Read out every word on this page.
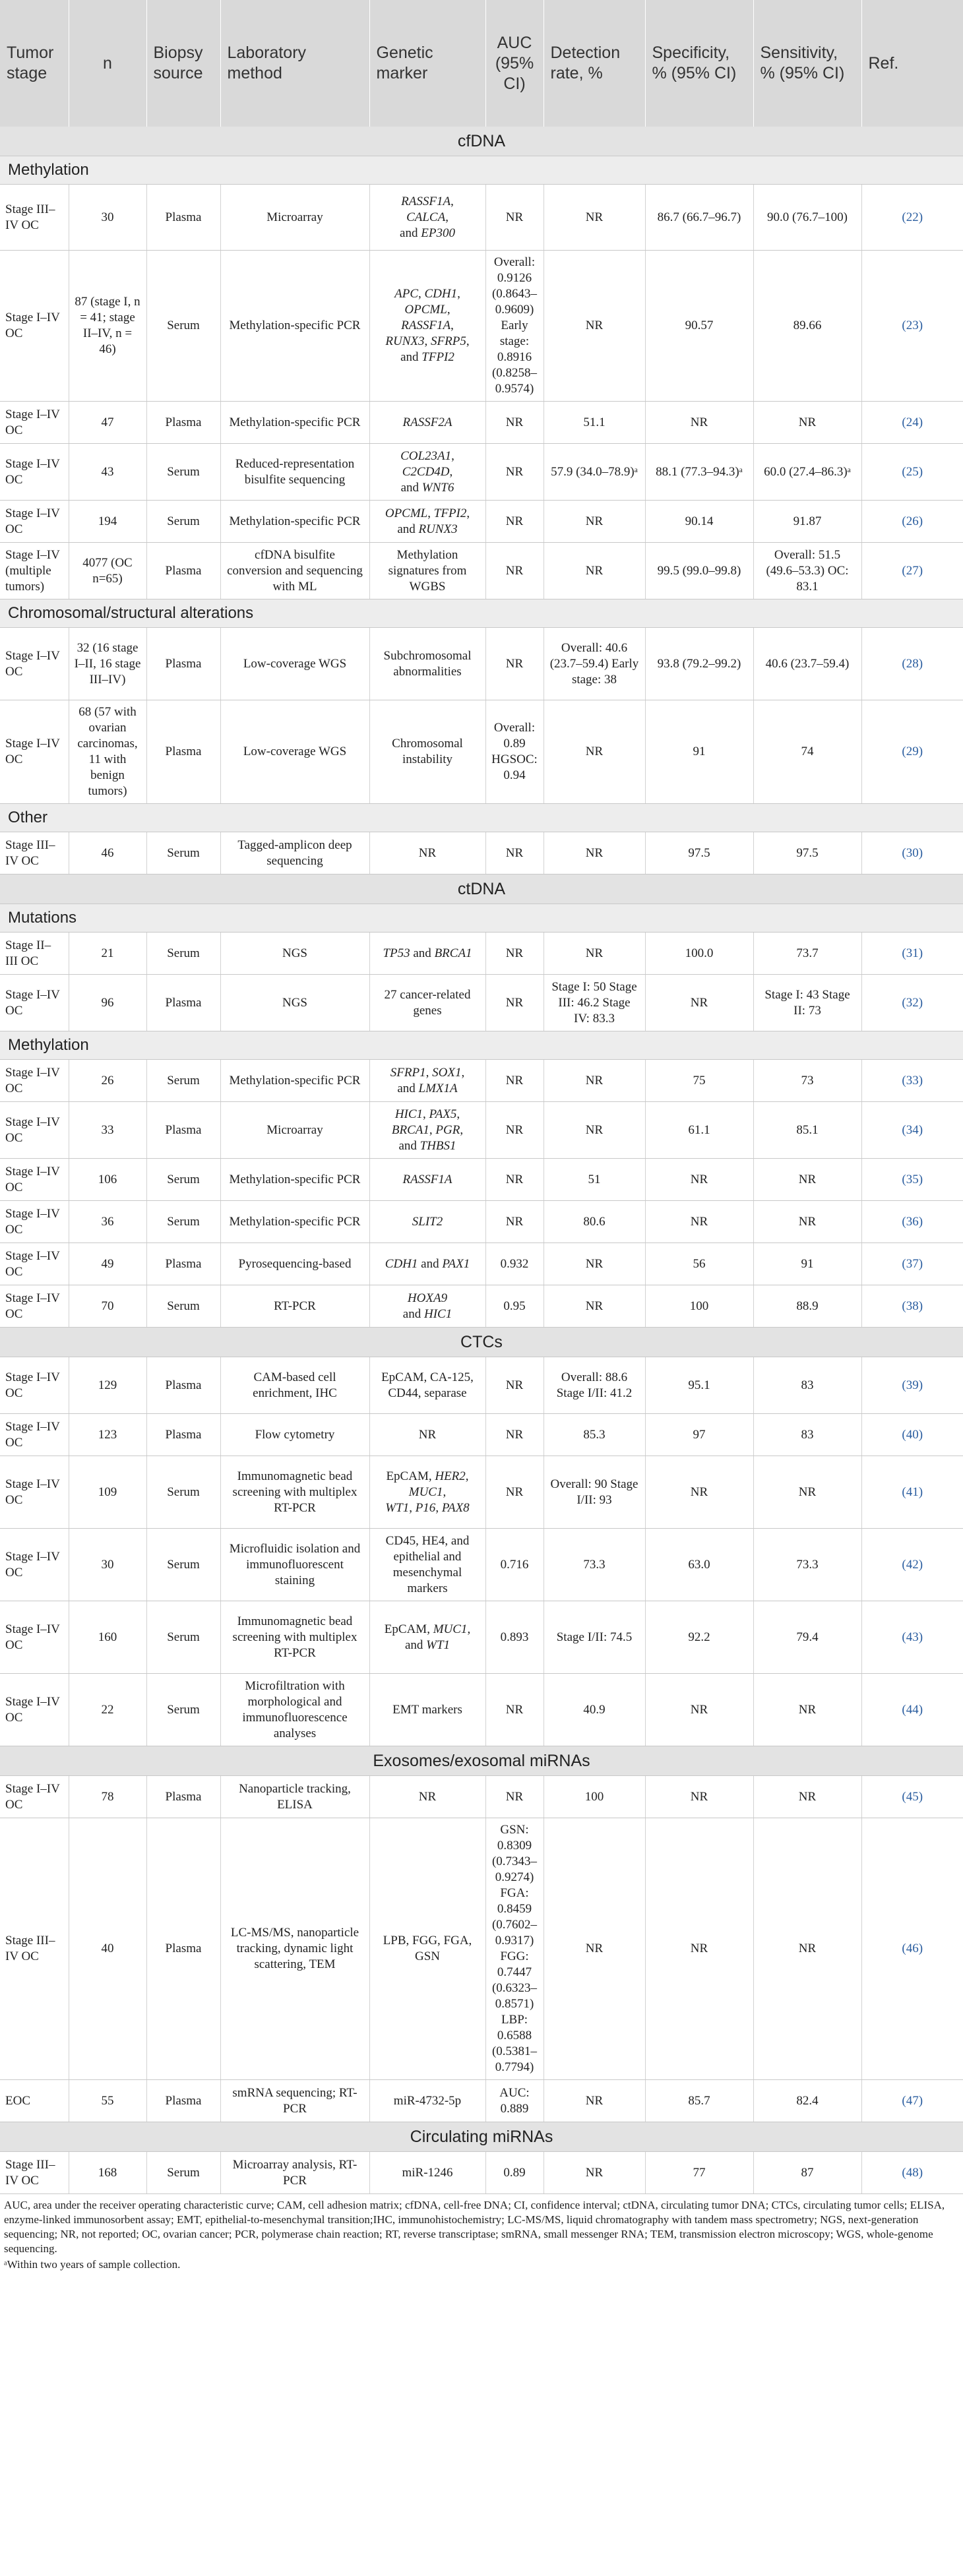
Tumor stage	n	Biopsy source	Laboratory method	Genetic marker	AUC (95% CI)	Detection rate, %	Specificity, % (95% CI)	Sensitivity, % (95% CI)	Ref.
cfDNA									
Methylation									
Stage III–IV OC	30	Plasma	Microarray	RASSF1A,
CALCA,
and EP300	NR	NR	86.7 (66.7–96.7)	90.0 (76.7–100)	(22)
Stage I–IV OC	87 (stage I, n = 41; stage II–IV, n = 46)	Serum	Methylation-specific PCR	APC, CDH1,
OPCML,
RASSF1A,
RUNX3, SFRP5,
and TFPI2	Overall: 0.9126 (0.8643–0.9609) Early stage: 0.8916 (0.8258–0.9574)	NR	90.57	89.66	(23)
Stage I–IV OC	47	Plasma	Methylation-specific PCR	RASSF2A	NR	51.1	NR	NR	(24)
Stage I–IV OC	43	Serum	Reduced-representation bisulfite sequencing	COL23A1,
C2CD4D,
and WNT6	NR	57.9 (34.0–78.9)ᵃ	88.1 (77.3–94.3)ᵃ	60.0 (27.4–86.3)ᵃ	(25)
Stage I–IV OC	194	Serum	Methylation-specific PCR	OPCML, TFPI2,
and RUNX3	NR	NR	90.14	91.87	(26)
Stage I–IV (multiple tumors)	4077 (OC n=65)	Plasma	cfDNA bisulfite conversion and sequencing with ML	Methylation signatures from WGBS	NR	NR	99.5 (99.0–99.8)	Overall: 51.5 (49.6–53.3) OC: 83.1	(27)
Chromosomal/structural alterations									
Stage I–IV OC	32 (16 stage I–II, 16 stage III–IV)	Plasma	Low-coverage WGS	Subchromosomal abnormalities	NR	Overall: 40.6 (23.7–59.4) Early stage: 38	93.8 (79.2–99.2)	40.6 (23.7–59.4)	(28)
Stage I–IV OC	68 (57 with ovarian carcinomas, 11 with benign tumors)	Plasma	Low-coverage WGS	Chromosomal instability	Overall: 0.89 HGSOC: 0.94	NR	91	74	(29)
Other									
Stage III–IV OC	46	Serum	Tagged-amplicon deep sequencing	NR	NR	NR	97.5	97.5	(30)
ctDNA									
Mutations									
Stage II–III OC	21	Serum	NGS	TP53 and BRCA1	NR	NR	100.0	73.7	(31)
Stage I–IV OC	96	Plasma	NGS	27 cancer-related genes	NR	Stage I: 50 Stage III: 46.2 Stage IV: 83.3	NR	Stage I: 43 Stage II: 73	(32)
Methylation									
Stage I–IV OC	26	Serum	Methylation-specific PCR	SFRP1, SOX1,
and LMX1A	NR	NR	75	73	(33)
Stage I–IV OC	33	Plasma	Microarray	HIC1, PAX5,
BRCA1, PGR,
and THBS1	NR	NR	61.1	85.1	(34)
Stage I–IV OC	106	Serum	Methylation-specific PCR	RASSF1A	NR	51	NR	NR	(35)
Stage I–IV OC	36	Serum	Methylation-specific PCR	SLIT2	NR	80.6	NR	NR	(36)
Stage I–IV OC	49	Plasma	Pyrosequencing-based	CDH1 and PAX1	0.932	NR	56	91	(37)
Stage I–IV OC	70	Serum	RT-PCR	HOXA9
and HIC1	0.95	NR	100	88.9	(38)
CTCs									
Stage I–IV OC	129	Plasma	CAM-based cell enrichment, IHC	EpCAM, CA-125, CD44, separase	NR	Overall: 88.6 Stage I/II: 41.2	95.1	83	(39)
Stage I–IV OC	123	Plasma	Flow cytometry	NR	NR	85.3	97	83	(40)
Stage I–IV OC	109	Serum	Immunomagnetic bead screening with multiplex RT-PCR	EpCAM, HER2,
MUC1,
WT1, P16, PAX8	NR	Overall: 90 Stage I/II: 93	NR	NR	(41)
Stage I–IV OC	30	Serum	Microfluidic isolation and immunofluorescent staining	CD45, HE4, and epithelial and mesenchymal markers	0.716	73.3	63.0	73.3	(42)
Stage I–IV OC	160	Serum	Immunomagnetic bead screening with multiplex RT-PCR	EpCAM, MUC1,
and WT1	0.893	Stage I/II: 74.5	92.2	79.4	(43)
Stage I–IV OC	22	Serum	Microfiltration with morphological and immunofluorescence analyses	EMT markers	NR	40.9	NR	NR	(44)
Exosomes/exosomal miRNAs									
Stage I–IV OC	78	Plasma	Nanoparticle tracking, ELISA	NR	NR	100	NR	NR	(45)
Stage III–IV OC	40	Plasma	LC-MS/MS, nanoparticle tracking, dynamic light scattering, TEM	LPB, FGG, FGA, GSN	GSN: 0.8309 (0.7343–0.9274) FGA: 0.8459 (0.7602–0.9317) FGG: 0.7447 (0.6323–0.8571) LBP: 0.6588 (0.5381–0.7794)	NR	NR	NR	(46)
EOC	55	Plasma	smRNA sequencing; RT-PCR	miR-4732-5p	AUC: 0.889	NR	85.7	82.4	(47)
Circulating miRNAs									
Stage III–IV OC	168	Serum	Microarray analysis, RT-PCR	miR-1246	0.89	NR	77	87	(48)

AUC, area under the receiver operating characteristic curve; CAM, cell adhesion matrix; cfDNA, cell-free DNA; CI, confidence interval; ctDNA, circulating tumor DNA; CTCs, circulating tumor cells; ELISA, enzyme-linked immunosorbent assay; EMT, epithelial-to-mesenchymal transition;IHC, immunohistochemistry; LC-MS/MS, liquid chromatography with tandem mass spectrometry; NGS, next-generation sequencing; NR, not reported; OC, ovarian cancer; PCR, polymerase chain reaction; RT, reverse transcriptase; smRNA, small messenger RNA; TEM, transmission electron microscopy; WGS, whole-genome sequencing.

ᵃWithin two years of sample collection.
